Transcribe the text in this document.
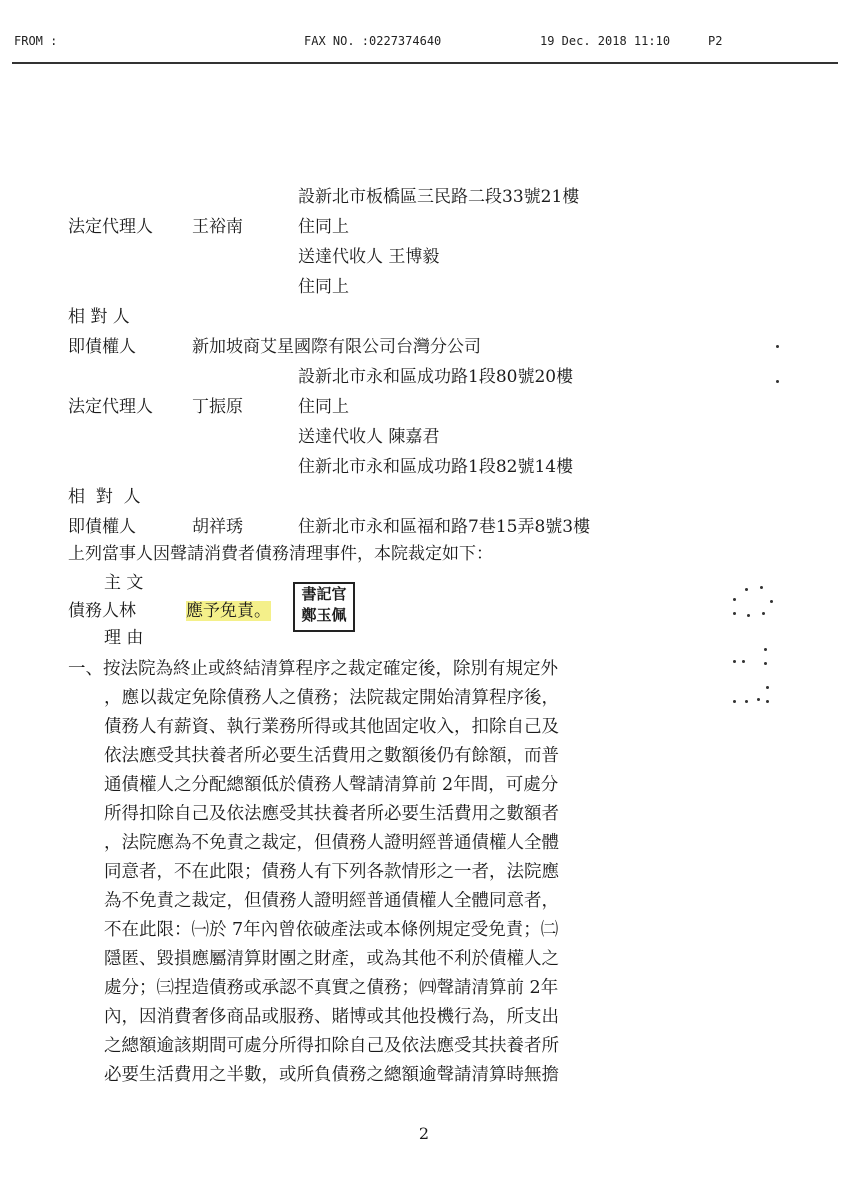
FROM :	FAX NO. :0227374640	19 Dec. 2018 11:10	P2
設新北市板橋區三民路二段33號21樓
法定代理人 王裕南	住同上
送達代收人 王博毅
住同上
相 對 人
即債權人	新加坡商艾星國際有限公司台灣分公司
設新北市永和區成功路1段80號20樓
法定代理人 丁振原	住同上
送達代收人 陳嘉君
住新北市永和區成功路1段82號14樓
相  對  人
即債權人	胡祥琇	住新北市永和區福和路7巷15弄8號3樓
上列當事人因聲請消費者債務清理事件，本院裁定如下：
主 文
債務人林	應予免責。
書記官
鄭玉佩
理 由
一、按法院為終止或終結清算程序之裁定確定後，除別有規定外
，應以裁定免除債務人之債務；法院裁定開始清算程序後，
債務人有薪資、執行業務所得或其他固定收入，扣除自己及
依法應受其扶養者所必要生活費用之數額後仍有餘額，而普
通債權人之分配總額低於債務人聲請清算前 2年間，可處分
所得扣除自己及依法應受其扶養者所必要生活費用之數額者
，法院應為不免責之裁定，但債務人證明經普通債權人全體
同意者，不在此限；債務人有下列各款情形之一者，法院應
為不免責之裁定，但債務人證明經普通債權人全體同意者，
不在此限：㈠於 7年內曾依破產法或本條例規定受免責；㈡
隱匿、毀損應屬清算財團之財產，或為其他不利於債權人之
處分；㈢捏造債務或承認不真實之債務；㈣聲請清算前 2年
內，因消費奢侈商品或服務、賭博或其他投機行為，所支出
之總額逾該期間可處分所得扣除自己及依法應受其扶養者所
必要生活費用之半數，或所負債務之總額逾聲請清算時無擔
2
